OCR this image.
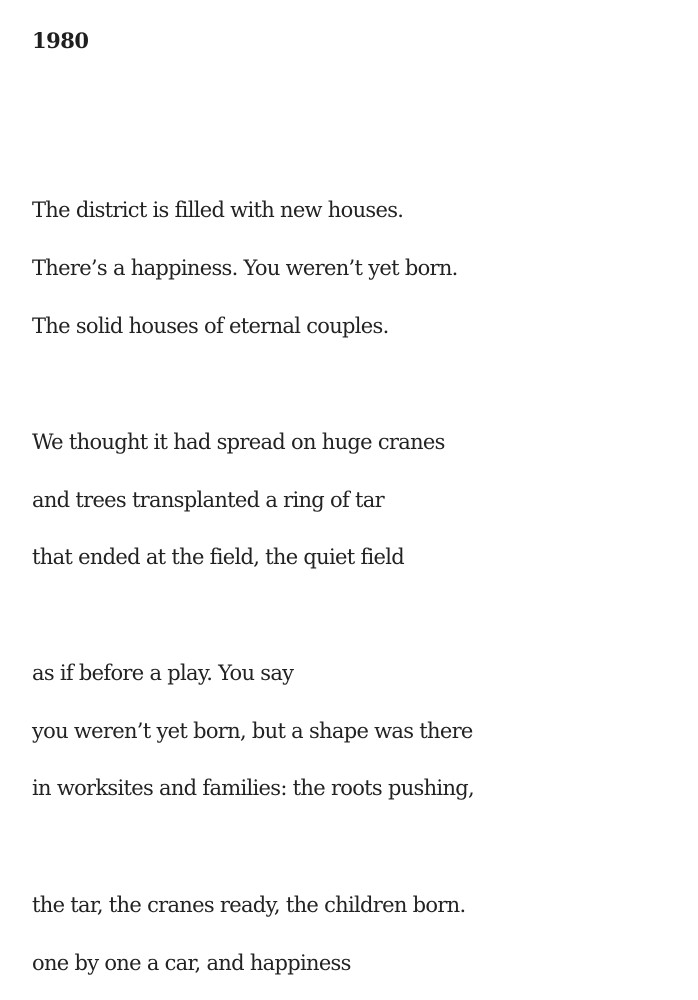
1980
The district is filled with new houses.
There’s a happiness. You weren’t yet born.
The solid houses of eternal couples.
We thought it had spread on huge cranes
and trees transplanted a ring of tar
that ended at the field, the quiet field
as if before a play. You say
you weren’t yet born, but a shape was there
in worksites and families: the roots pushing,
the tar, the cranes ready, the children born.
one by one a car, and happiness
